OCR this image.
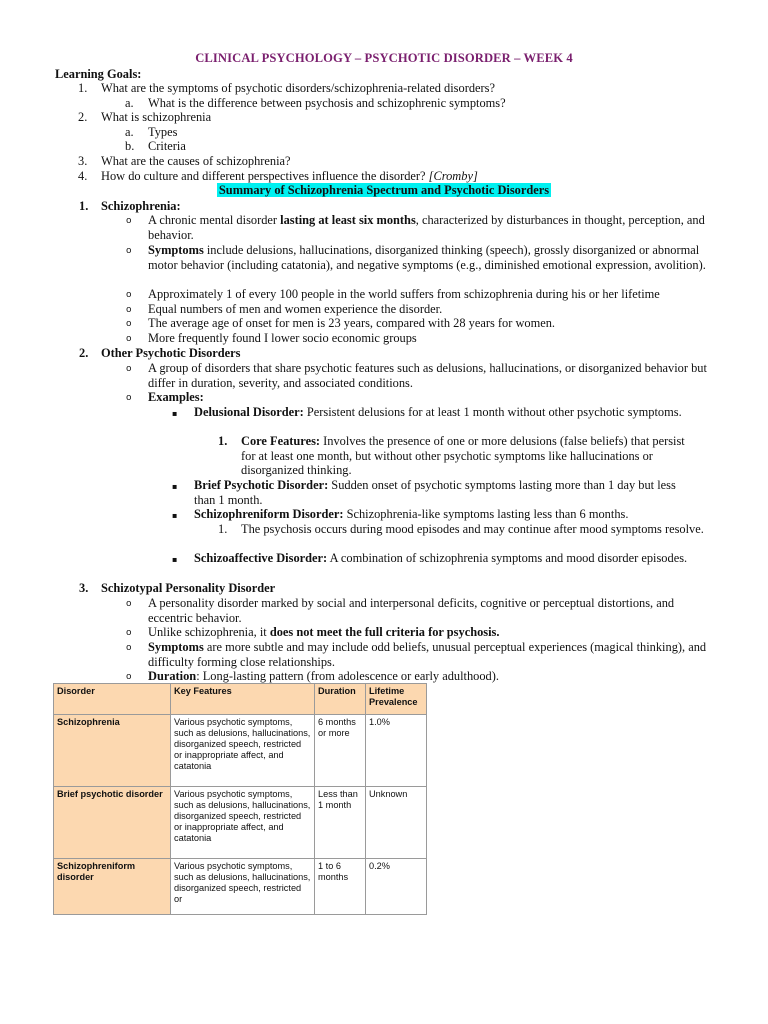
CLINICAL PSYCHOLOGY – PSYCHOTIC DISORDER – WEEK 4
Learning Goals:
1. What are the symptoms of psychotic disorders/schizophrenia-related disorders?
a. What is the difference between psychosis and schizophrenic symptoms?
2. What is schizophrenia
a. Types
b. Criteria
3. What are the causes of schizophrenia?
4. How do culture and different perspectives influence the disorder? [Cromby]
Summary of Schizophrenia Spectrum and Psychotic Disorders
1. Schizophrenia:
o A chronic mental disorder lasting at least six months, characterized by disturbances in thought, perception, and behavior.
o Symptoms include delusions, hallucinations, disorganized thinking (speech), grossly disorganized or abnormal motor behavior (including catatonia), and negative symptoms (e.g., diminished emotional expression, avolition).
o Approximately 1 of every 100 people in the world suffers from schizophrenia during his or her lifetime
o Equal numbers of men and women experience the disorder.
o The average age of onset for men is 23 years, compared with 28 years for women.
o More frequently found I lower socio economic groups
2. Other Psychotic Disorders
o A group of disorders that share psychotic features such as delusions, hallucinations, or disorganized behavior but differ in duration, severity, and associated conditions.
o Examples:
▪ Delusional Disorder: Persistent delusions for at least 1 month without other psychotic symptoms.
1. Core Features: Involves the presence of one or more delusions (false beliefs) that persist for at least one month, but without other psychotic symptoms like hallucinations or disorganized thinking.
▪ Brief Psychotic Disorder: Sudden onset of psychotic symptoms lasting more than 1 day but less than 1 month.
▪ Schizophreniform Disorder: Schizophrenia-like symptoms lasting less than 6 months.
1. The psychosis occurs during mood episodes and may continue after mood symptoms resolve.
▪ Schizoaffective Disorder: A combination of schizophrenia symptoms and mood disorder episodes.
3. Schizotypal Personality Disorder
o A personality disorder marked by social and interpersonal deficits, cognitive or perceptual distortions, and eccentric behavior.
o Unlike schizophrenia, it does not meet the full criteria for psychosis.
o Symptoms are more subtle and may include odd beliefs, unusual perceptual experiences (magical thinking), and difficulty forming close relationships.
o Duration: Long-lasting pattern (from adolescence or early adulthood).
Disorder	Key Features	Duration	Lifetime Prevalence
Schizophrenia	Various psychotic symptoms, such as delusions, hallucinations, disorganized speech, restricted or inappropriate affect, and catatonia	6 months or more	1.0%
Brief psychotic disorder	Various psychotic symptoms, such as delusions, hallucinations, disorganized speech, restricted or inappropriate affect, and catatonia	Less than 1 month	Unknown
Schizophreniform disorder	Various psychotic symptoms, such as delusions, hallucinations, disorganized speech, restricted or	1 to 6 months	0.2%
